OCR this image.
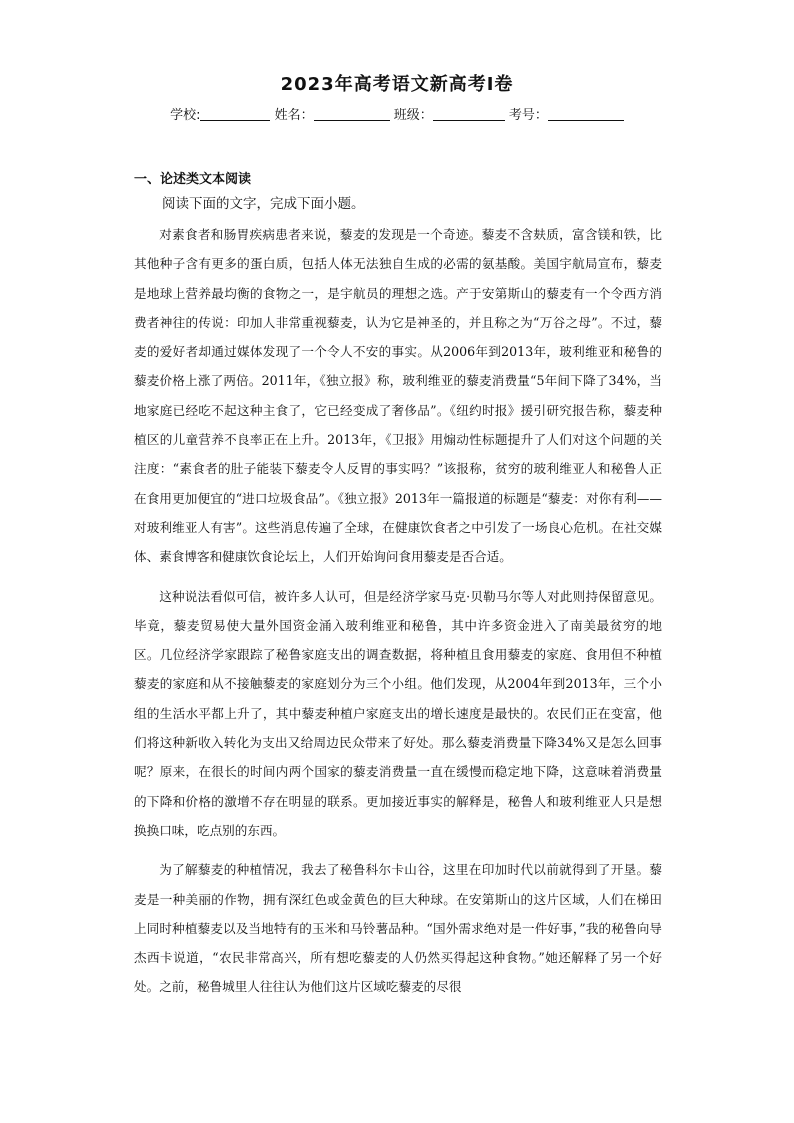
2023年高考语文新高考Ⅰ卷
学校:	姓名：	班级：	考号：
一、论述类文本阅读
阅读下面的文字，完成下面小题。

对素食者和肠胃疾病患者来说，藜麦的发现是一个奇迹。藜麦不含麸质，富含镁和铁，比其他种子含有更多的蛋白质，包括人体无法独自生成的必需的氨基酸。美国宇航局宣布，藜麦是地球上营养最均衡的食物之一，是宇航员的理想之选。产于安第斯山的藜麦有一个令西方消费者神往的传说：印加人非常重视藜麦，认为它是神圣的，并且称之为“万谷之母”。不过，藜麦的爱好者却通过媒体发现了一个令人不安的事实。从2006年到2013年，玻利维亚和秘鲁的藜麦价格上涨了两倍。2011年，《独立报》称，玻利维亚的藜麦消费量“5年间下降了34%，当地家庭已经吃不起这种主食了，它已经变成了奢侈品”。《纽约时报》援引研究报告称，藜麦种植区的儿童营养不良率正在上升。2013年，《卫报》用煽动性标题提升了人们对这个问题的关注度：“素食者的肚子能装下藜麦令人反胃的事实吗？”该报称，贫穷的玻利维亚人和秘鲁人正在食用更加便宜的“进口垃圾食品”。《独立报》2013年一篇报道的标题是“藜麦：对你有利——对玻利维亚人有害”。这些消息传遍了全球，在健康饮食者之中引发了一场良心危机。在社交媒体、素食博客和健康饮食论坛上，人们开始询问食用藜麦是否合适。

这种说法看似可信，被许多人认可，但是经济学家马克·贝勒马尔等人对此则持保留意见。毕竟，藜麦贸易使大量外国资金涌入玻利维亚和秘鲁，其中许多资金进入了南美最贫穷的地区。几位经济学家跟踪了秘鲁家庭支出的调查数据，将种植且食用藜麦的家庭、食用但不种植藜麦的家庭和从不接触藜麦的家庭划分为三个小组。他们发现，从2004年到2013年，三个小组的生活水平都上升了，其中藜麦种植户家庭支出的增长速度是最快的。农民们正在变富，他们将这种新收入转化为支出又给周边民众带来了好处。那么藜麦消费量下降34%又是怎么回事呢？原来，在很长的时间内两个国家的藜麦消费量一直在缓慢而稳定地下降，这意味着消费量的下降和价格的激增不存在明显的联系。更加接近事实的解释是，秘鲁人和玻利维亚人只是想换换口味，吃点别的东西。

为了解藜麦的种植情况，我去了秘鲁科尔卡山谷，这里在印加时代以前就得到了开垦。藜麦是一种美丽的作物，拥有深红色或金黄色的巨大种球。在安第斯山的这片区域，人们在梯田上同时种植藜麦以及当地特有的玉米和马铃薯品种。“国外需求绝对是一件好事，”我的秘鲁向导杰西卡说道，“农民非常高兴，所有想吃藜麦的人仍然买得起这种食物。”她还解释了另一个好处。之前，秘鲁城里人往往认为他们这片区域吃藜麦的尽很
